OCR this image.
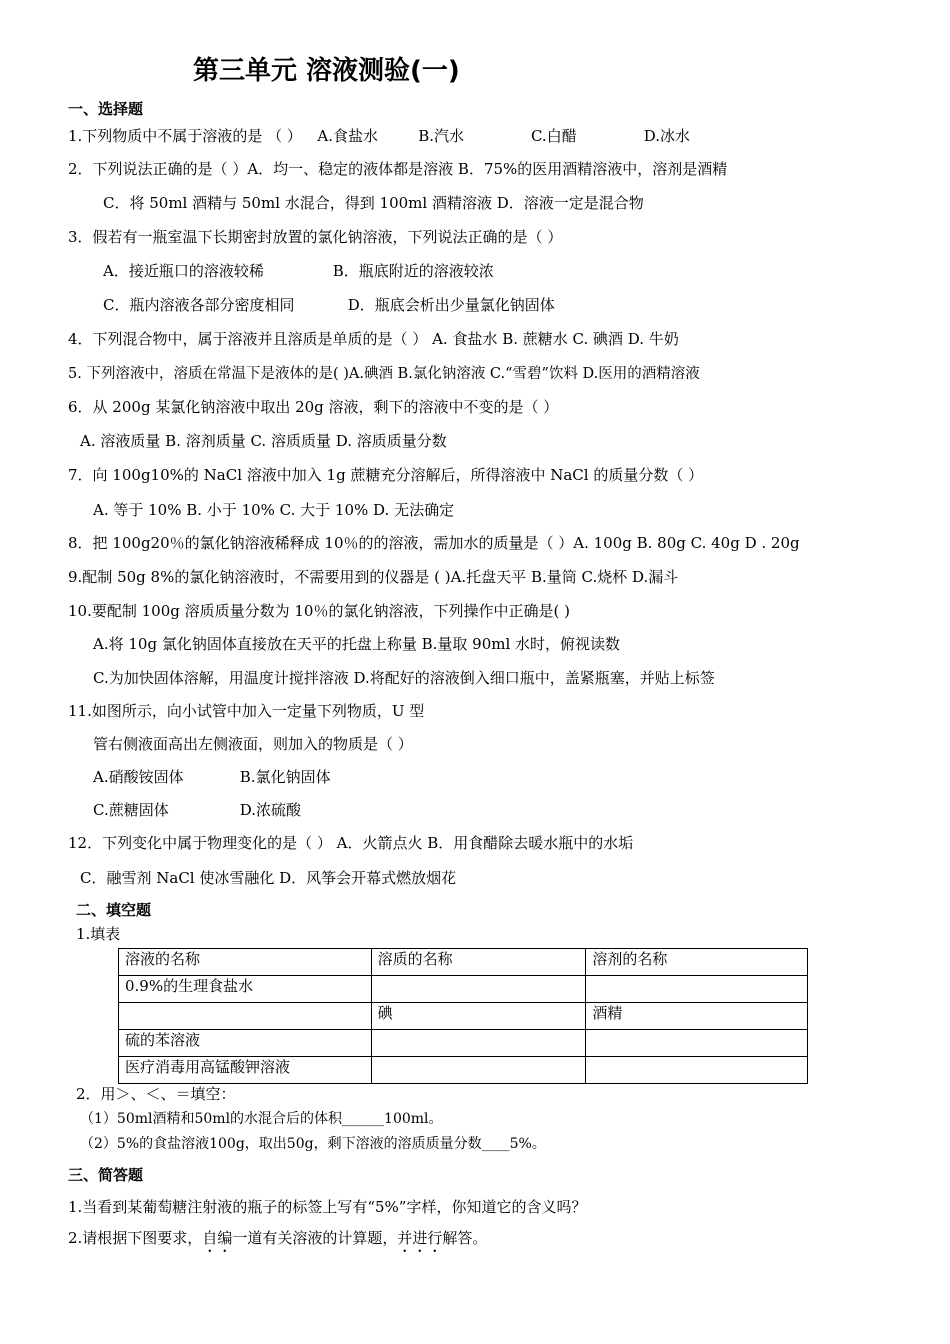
第三单元 溶液测验(一)
一、选择题
1.下列物质中不属于溶液的是 （ ） A.食盐水	B.汽水	C.白醋	D.冰水
2．下列说法正确的是（ ）A．均一、稳定的液体都是溶液 B．75%的医用酒精溶液中，溶剂是酒精
C．将 50ml 酒精与 50ml 水混合，得到 100ml 酒精溶液 D．溶液一定是混合物
3．假若有一瓶室温下长期密封放置的氯化钠溶液，下列说法正确的是（ ）
A．接近瓶口的溶液较稀	B．瓶底附近的溶液较浓
C．瓶内溶液各部分密度相同	D．瓶底会析出少量氯化钠固体
4．下列混合物中，属于溶液并且溶质是单质的是（ ） A. 食盐水 B. 蔗糖水 C. 碘酒 D. 牛奶
5. 下列溶液中，溶质在常温下是液体的是( )A.碘酒 B.氯化钠溶液 C.“雪碧”饮料 D.医用的酒精溶液
6．从 200g 某氯化钠溶液中取出 20g 溶液，剩下的溶液中不变的是（ ）
A. 溶液质量 B. 溶剂质量 C. 溶质质量 D. 溶质质量分数
7．向 100g10%的 NaCl 溶液中加入 1g 蔗糖充分溶解后，所得溶液中 NaCl 的质量分数（ ）
A. 等于 10% B. 小于 10% C. 大于 10% D. 无法确定
8．把 100g20％的氯化钠溶液稀释成 10％的的溶液，需加水的质量是（ ）A. 100g B. 80g C. 40g D . 20g
9.配制 50g 8%的氯化钠溶液时，不需要用到的仪器是 ( )A.托盘天平 B.量筒 C.烧杯 D.漏斗
10.要配制 100g 溶质质量分数为 10％的氯化钠溶液，下列操作中正确是( )
A.将 10g 氯化钠固体直接放在天平的托盘上称量 B.量取 90ml 水时，俯视读数
C.为加快固体溶解，用温度计搅拌溶液 D.将配好的溶液倒入细口瓶中，盖紧瓶塞，并贴上标签
11.如图所示，向小试管中加入一定量下列物质，U 型
管右侧液面高出左侧液面，则加入的物质是（ ）
A.硝酸铵固体	B.氯化钠固体
C.蔗糖固体	D.浓硫酸
12．下列变化中属于物理变化的是（ ） A．火箭点火 B．用食醋除去暖水瓶中的水垢
C．融雪剂 NaCl 使冰雪融化 D．风筝会开幕式燃放烟花
二、填空题
1.填表
溶液的名称	溶质的名称	溶剂的名称
0.9%的生理食盐水		
	碘	酒精
硫的苯溶液		
医疗消毒用高锰酸钾溶液		
2．用＞、＜、＝填空：
（1）50ml酒精和50ml的水混合后的体积______100ml。
（2）5%的食盐溶液100g，取出50g，剩下溶液的溶质质量分数____5%。
三、简答题
1.当看到某葡萄糖注射液的瓶子的标签上写有“5%”字样，你知道它的含义吗？
2.请根据下图要求，自编一道有关溶液的计算题，并进行解答。
